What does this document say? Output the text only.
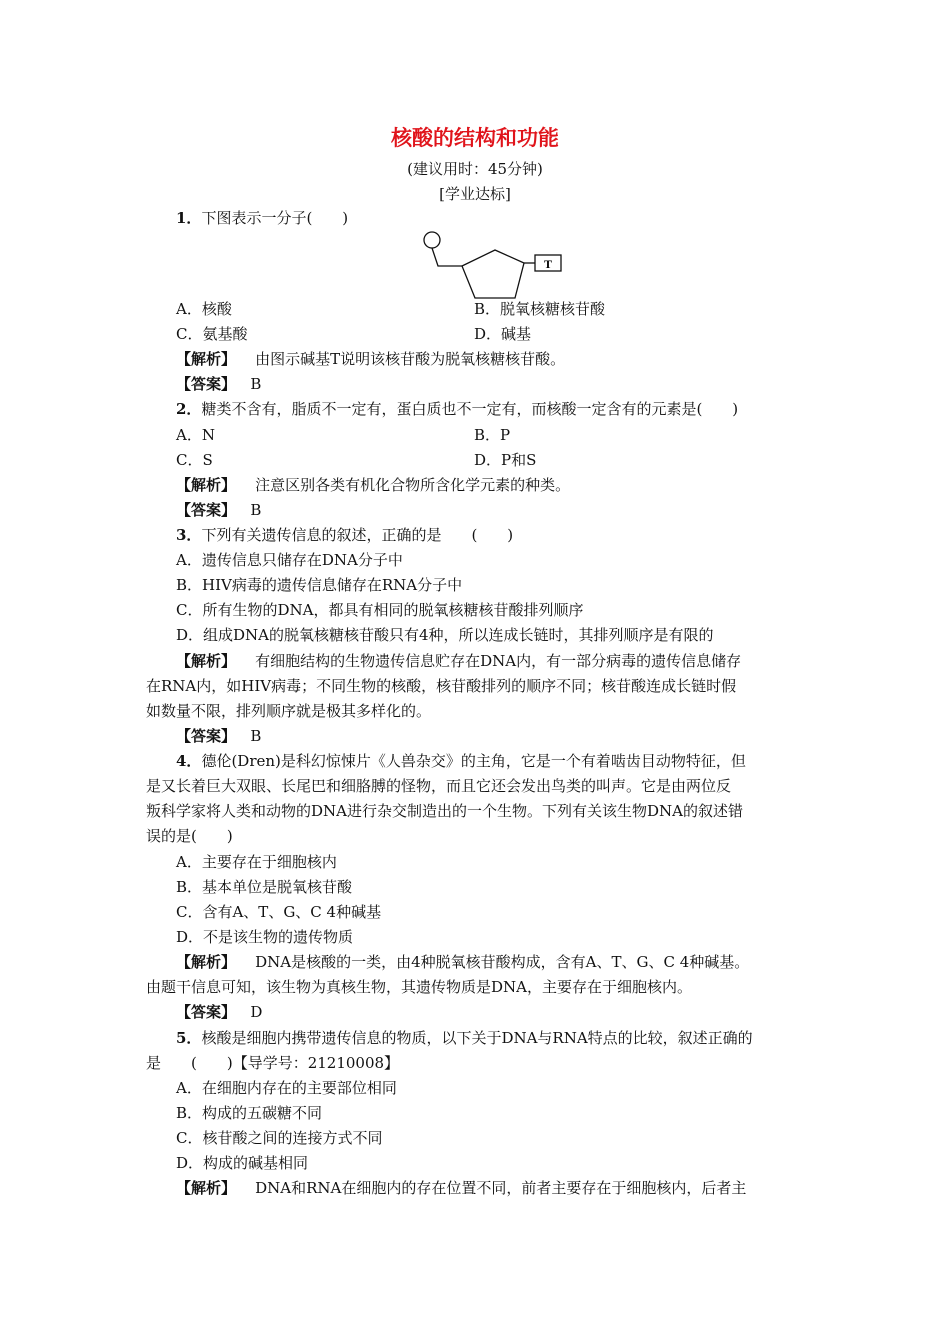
核酸的结构和功能
(建议用时：45分钟)
[学业达标]
1．下图表示一分子(　　)
T
A．核酸	B．脱氧核糖核苷酸
C．氨基酸	D．碱基
【解析】 由图示碱基T说明该核苷酸为脱氧核糖核苷酸。
【答案】 B
2．糖类不含有，脂质不一定有，蛋白质也不一定有，而核酸一定含有的元素是(　　)
A．N	B．P
C．S	D．P和S
【解析】 注意区别各类有机化合物所含化学元素的种类。
【答案】 B
3．下列有关遗传信息的叙述，正确的是　　(　　)
A．遗传信息只储存在DNA分子中
B．HIV病毒的遗传信息储存在RNA分子中
C．所有生物的DNA，都具有相同的脱氧核糖核苷酸排列顺序
D．组成DNA的脱氧核糖核苷酸只有4种，所以连成长链时，其排列顺序是有限的
【解析】 有细胞结构的生物遗传信息贮存在DNA内，有一部分病毒的遗传信息储存
在RNA内，如HIV病毒；不同生物的核酸，核苷酸排列的顺序不同；核苷酸连成长链时假
如数量不限，排列顺序就是极其多样化的。
【答案】 B
4．德伦(Dren)是科幻惊悚片《人兽杂交》的主角，它是一个有着啮齿目动物特征，但
是又长着巨大双眼、长尾巴和细胳膊的怪物，而且它还会发出鸟类的叫声。它是由两位反
叛科学家将人类和动物的DNA进行杂交制造出的一个生物。下列有关该生物DNA的叙述错
误的是(　　)
A．主要存在于细胞核内
B．基本单位是脱氧核苷酸
C．含有A、T、G、C 4种碱基
D．不是该生物的遗传物质
【解析】 DNA是核酸的一类，由4种脱氧核苷酸构成，含有A、T、G、C 4种碱基。
由题干信息可知，该生物为真核生物，其遗传物质是DNA，主要存在于细胞核内。
【答案】 D
5．核酸是细胞内携带遗传信息的物质，以下关于DNA与RNA特点的比较，叙述正确的
是　　(　　)【导学号：21210008】
A．在细胞内存在的主要部位相同
B．构成的五碳糖不同
C．核苷酸之间的连接方式不同
D．构成的碱基相同
【解析】 DNA和RNA在细胞内的存在位置不同，前者主要存在于细胞核内，后者主
